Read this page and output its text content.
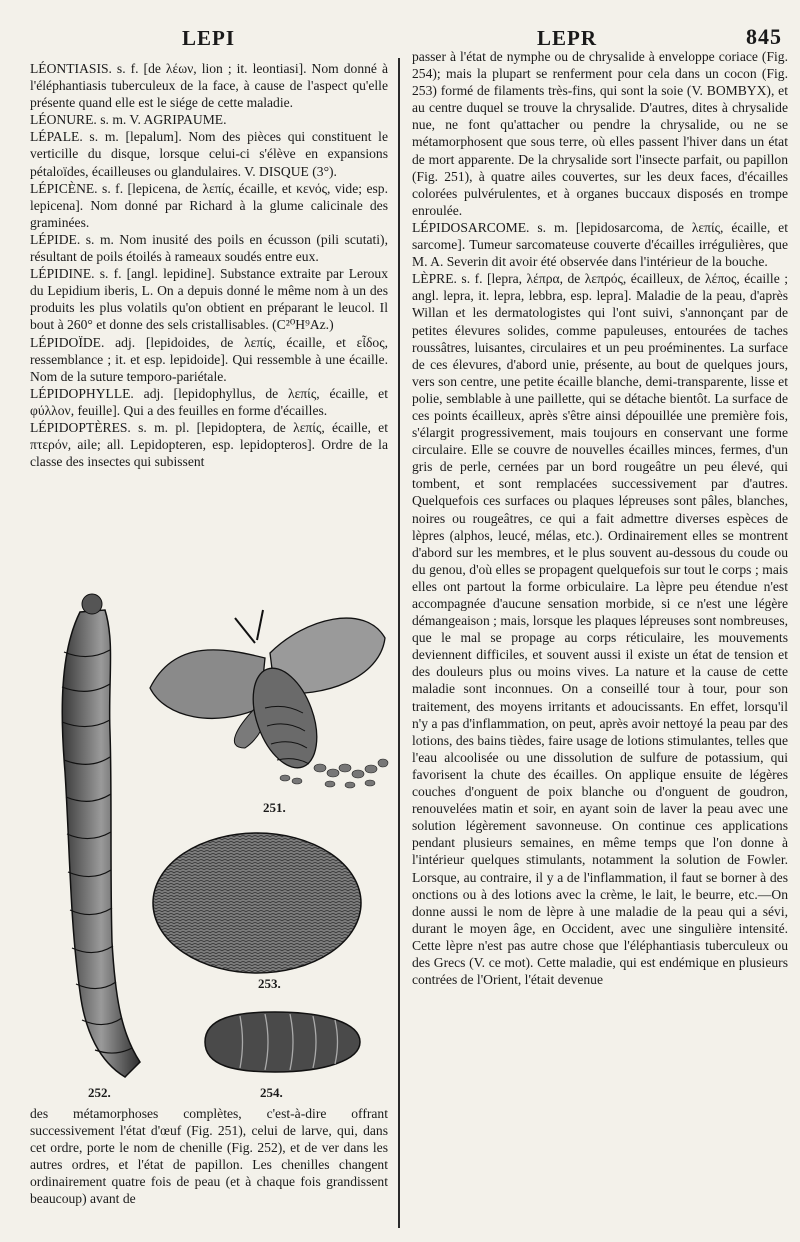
LEPI	LEPR	845

LÉONTIASIS. s. f. [de λέων, lion ; it. leontiasi]. Nom donné à l'éléphantiasis tuberculeux de la face, à cause de l'aspect qu'elle présente quand elle est le siége de cette maladie.

LÉONURE. s. m. V. AGRIPAUME.

LÉPALE. s. m. [lepalum]. Nom des pièces qui constituent le verticille du disque, lorsque celui-ci s'élève en expansions pétaloïdes, écailleuses ou glandulaires. V. DISQUE (3°).

LÉPICÈNE. s. f. [lepicena, de λεπίς, écaille, et κενός, vide; esp. lepicena]. Nom donné par Richard à la glume calicinale des graminées.

LÉPIDE. s. m. Nom inusité des poils en écusson (pili scutati), résultant de poils étoilés à rameaux soudés entre eux.

LÉPIDINE. s. f. [angl. lepidine]. Substance extraite par Leroux du Lepidium iberis, L. On a depuis donné le même nom à un des produits les plus volatils qu'on obtient en préparant le leucol. Il bout à 260° et donne des sels cristallisables. (C²⁰H⁹Az.)

LÉPIDOÏDE. adj. [lepidoides, de λεπίς, écaille, et εἶδος, ressemblance ; it. et esp. lepidoide]. Qui ressemble à une écaille. Nom de la suture temporo-pariétale.

LÉPIDOPHYLLE. adj. [lepidophyllus, de λεπίς, écaille, et φύλλον, feuille]. Qui a des feuilles en forme d'écailles.

LÉPIDOPTÈRES. s. m. pl. [lepidoptera, de λεπίς, écaille, et πτερόν, aile; all. Lepidopteren, esp. lepidopteros]. Ordre de la classe des insectes qui subissent

252.
251.
253.
254.

des métamorphoses complètes, c'est-à-dire offrant successivement l'état d'œuf (Fig. 251), celui de larve, qui, dans cet ordre, porte le nom de chenille (Fig. 252), et de ver dans les autres ordres, et l'état de papillon. Les chenilles changent ordinairement quatre fois de peau (et à chaque fois grandissent beaucoup) avant de

passer à l'état de nymphe ou de chrysalide à enveloppe coriace (Fig. 254); mais la plupart se renferment pour cela dans un cocon (Fig. 253) formé de filaments très-fins, qui sont la soie (V. BOMBYX), et au centre duquel se trouve la chrysalide. D'autres, dites à chrysalide nue, ne font qu'attacher ou pendre la chrysalide, ou ne se métamorphosent que sous terre, où elles passent l'hiver dans un état de mort apparente. De la chrysalide sort l'insecte parfait, ou papillon (Fig. 251), à quatre ailes couvertes, sur les deux faces, d'écailles colorées pulvérulentes, et à organes buccaux disposés en trompe enroulée.

LÉPIDOSARCOME. s. m. [lepidosarcoma, de λεπίς, écaille, et sarcome]. Tumeur sarcomateuse couverte d'écailles irrégulières, que M. A. Severin dit avoir été observée dans l'intérieur de la bouche.

LÈPRE. s. f. [lepra, λέπρα, de λεπρός, écailleux, de λέπος, écaille ; angl. lepra, it. lepra, lebbra, esp. lepra]. Maladie de la peau, d'après Willan et les dermatologistes qui l'ont suivi, s'annonçant par de petites élevures solides, comme papuleuses, entourées de taches roussâtres, luisantes, circulaires et un peu proéminentes. La surface de ces élevures, d'abord unie, présente, au bout de quelques jours, vers son centre, une petite écaille blanche, demi-transparente, lisse et polie, semblable à une paillette, qui se détache bientôt. La surface de ces points écailleux, après s'être ainsi dépouillée une première fois, s'élargit progressivement, mais toujours en conservant une forme circulaire. Elle se couvre de nouvelles écailles minces, fermes, d'un gris de perle, cernées par un bord rougeâtre un peu élevé, qui tombent, et sont remplacées successivement par d'autres. Quelquefois ces surfaces ou plaques lépreuses sont pâles, blanches, noires ou rougeâtres, ce qui a fait admettre diverses espèces de lèpres (alphos, leucé, mélas, etc.). Ordinairement elles se montrent d'abord sur les membres, et le plus souvent au-dessous du coude ou du genou, d'où elles se propagent quelquefois sur tout le corps ; mais elles ont partout la forme orbiculaire. La lèpre peu étendue n'est accompagnée d'aucune sensation morbide, si ce n'est une légère démangeaison ; mais, lorsque les plaques lépreuses sont nombreuses, que le mal se propage au corps réticulaire, les mouvements deviennent difficiles, et souvent aussi il existe un état de tension et des douleurs plus ou moins vives. La nature et la cause de cette maladie sont inconnues. On a conseillé tour à tour, pour son traitement, des moyens irritants et adoucissants. En effet, lorsqu'il n'y a pas d'inflammation, on peut, après avoir nettoyé la peau par des lotions, des bains tièdes, faire usage de lotions stimulantes, telles que l'eau alcoolisée ou une dissolution de sulfure de potassium, qui favorisent la chute des écailles. On applique ensuite de légères couches d'onguent de poix blanche ou d'onguent de goudron, renouvelées matin et soir, en ayant soin de laver la peau avec une solution légèrement savonneuse. On continue ces applications pendant plusieurs semaines, en même temps que l'on donne à l'intérieur quelques stimulants, notamment la solution de Fowler. Lorsque, au contraire, il y a de l'inflammation, il faut se borner à des onctions ou à des lotions avec la crème, le lait, le beurre, etc.—On donne aussi le nom de lèpre à une maladie de la peau qui a sévi, durant le moyen âge, en Occident, avec une singulière intensité. Cette lèpre n'est pas autre chose que l'éléphantiasis tuberculeux ou des Grecs (V. ce mot). Cette maladie, qui est endémique en plusieurs contrées de l'Orient, l'était devenue
